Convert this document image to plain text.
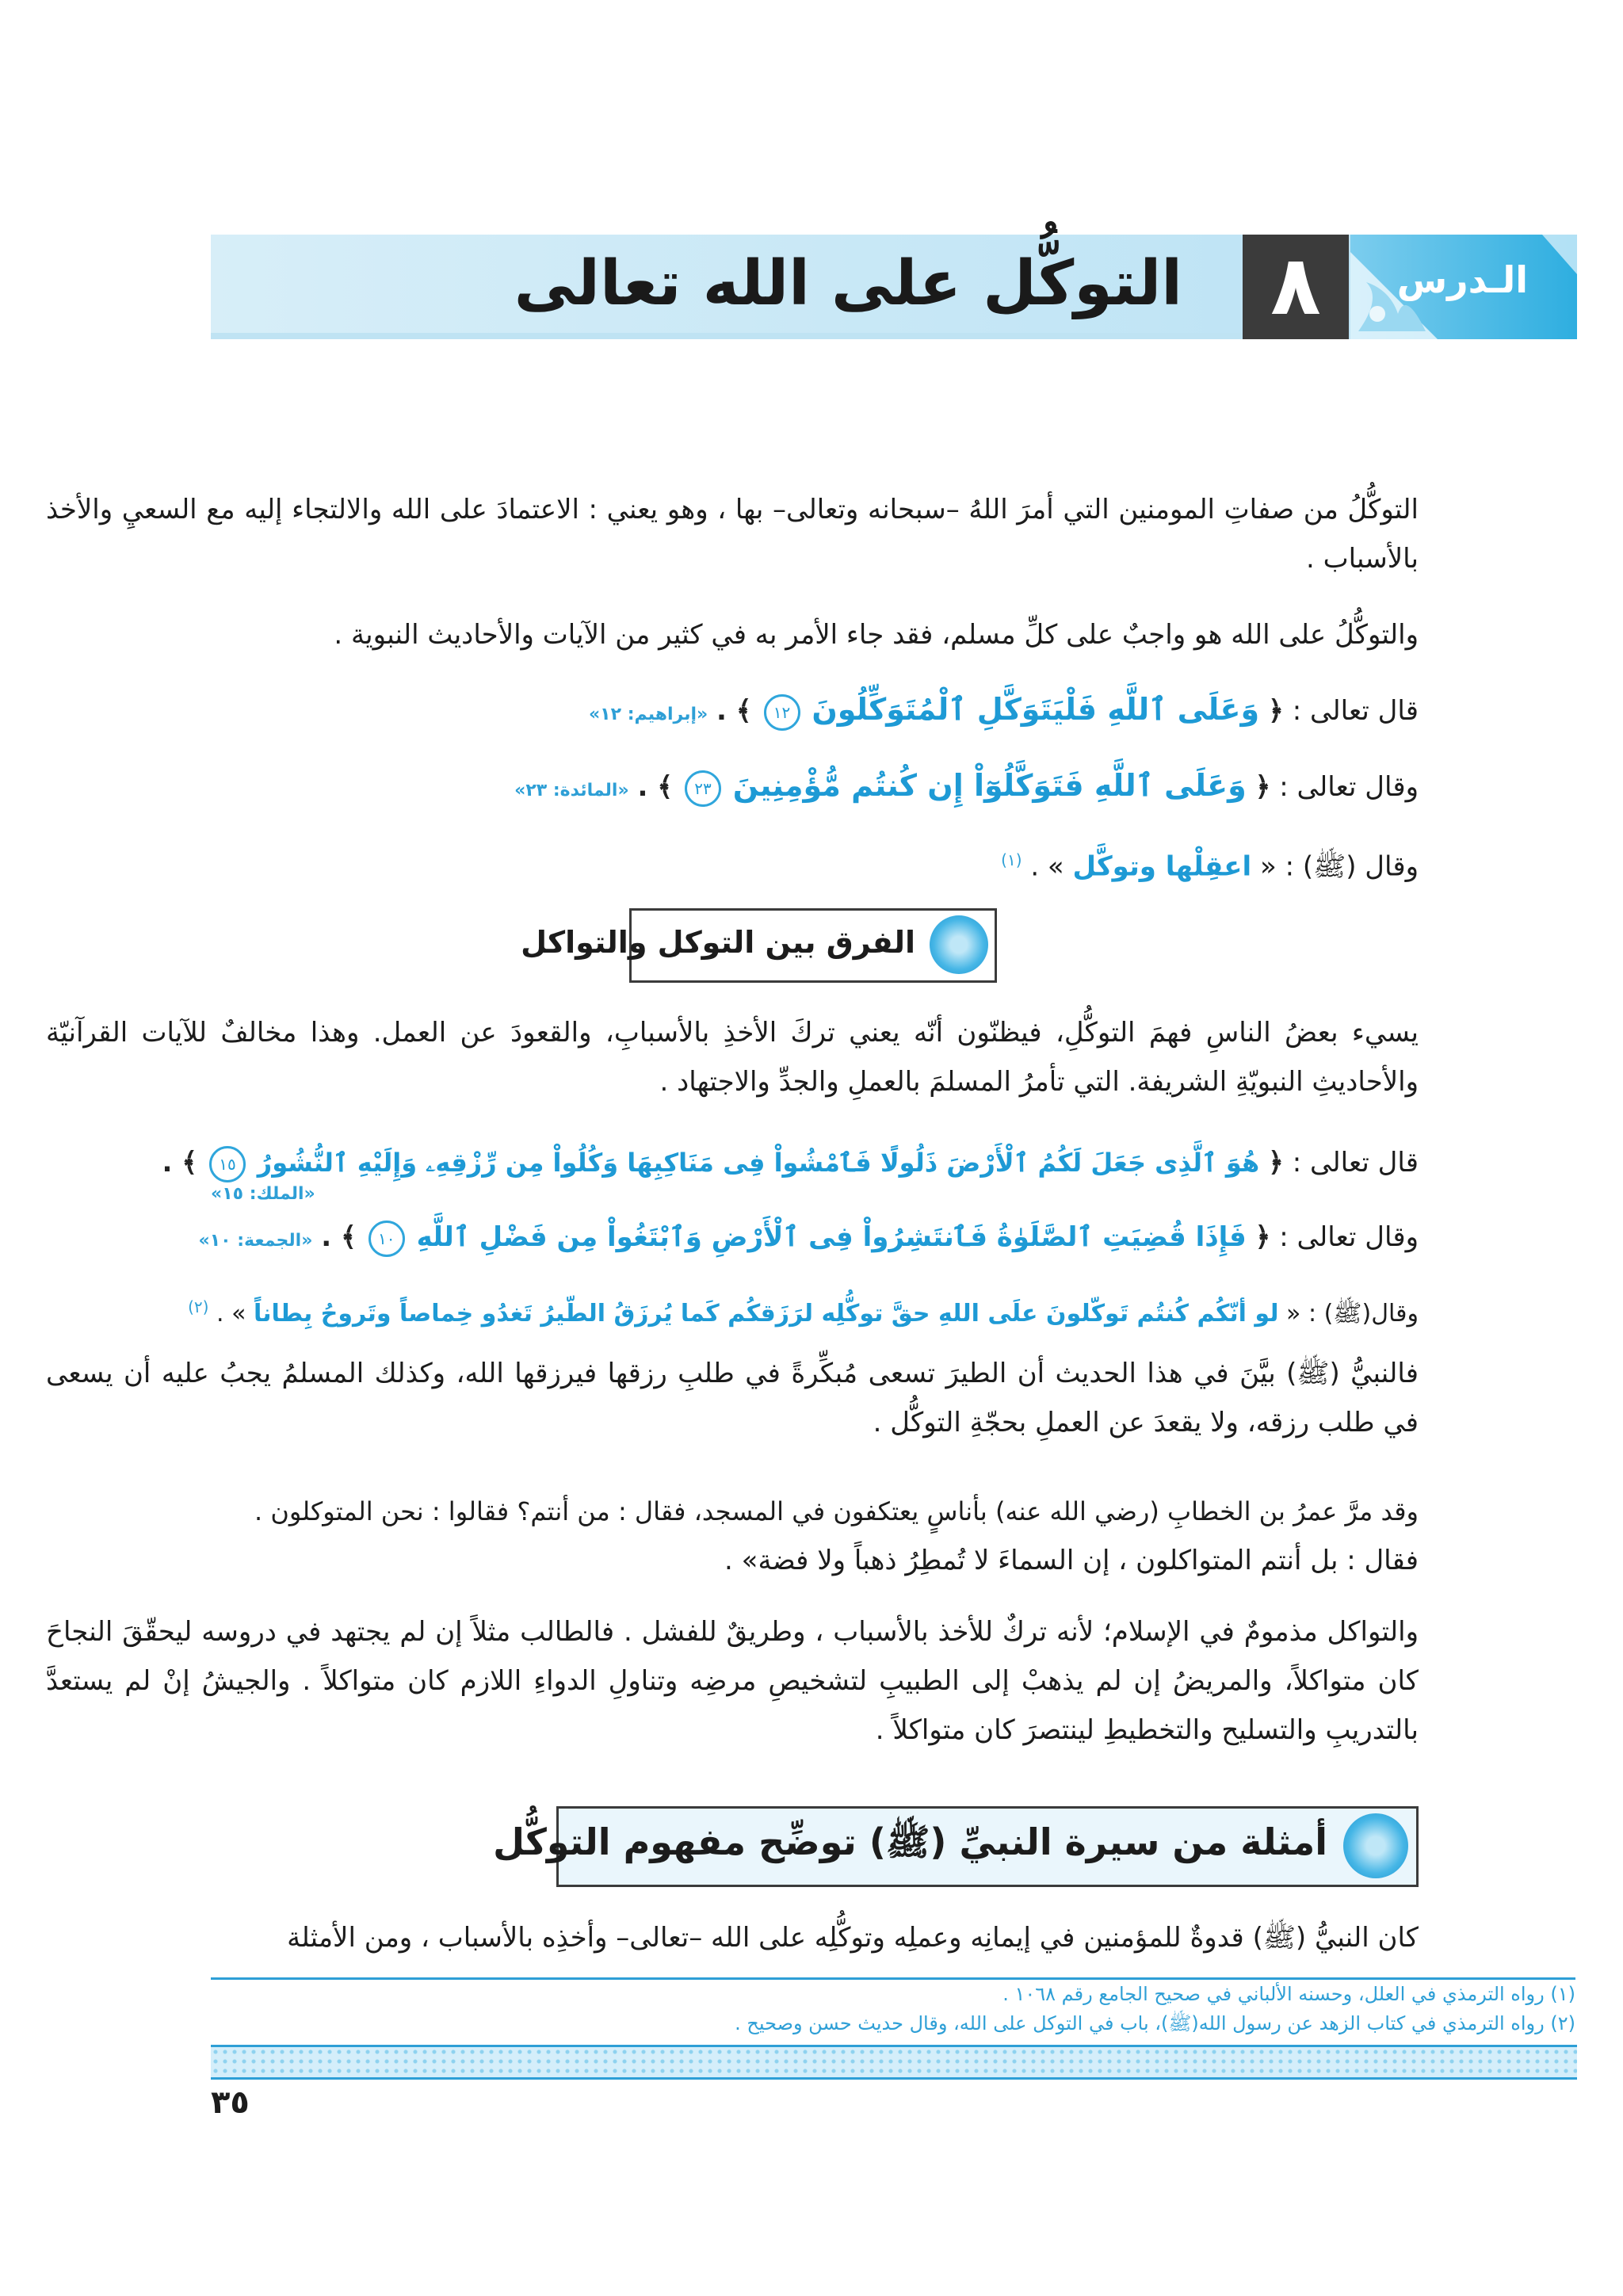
التوكُّل على الله تعالى	٨	الـدرس
التوكُّلُ من صفاتِ المومنين التي أمرَ اللهُ –سبحانه وتعالى– بها ، وهو يعني : الاعتمادَ على الله والالتجاء إليه مع السعيِ والأخذ بالأسباب .
والتوكُّلُ على الله هو واجبٌ على كلِّ مسلم، فقد جاء الأمر به في كثير من الآيات والأحاديث النبوية .
قال تعالى : ﴿ وَعَلَى ٱللَّهِ فَلْيَتَوَكَّلِ ٱلْمُتَوَكِّلُونَ ١٢ ﴾ . «إبراهيم: ١٢»
وقال تعالى : ﴿ وَعَلَى ٱللَّهِ فَتَوَكَّلُوٓاْ إِن كُنتُم مُّؤْمِنِينَ ٢٣ ﴾ . «المائدة: ٢٣»
وقال (ﷺ) : « اعقِلْها وتوكَّل » . $^{(١)}$
الفرق بين التوكل والتواكل
يسيء بعضُ الناسِ فهمَ التوكُّلِ، فيظنّون أنّه يعني تركَ الأخذِ بالأسبابِ، والقعودَ عن العمل. وهذا مخالفٌ للآيات القرآنيّة والأحاديثِ النبويّةِ الشريفة. التي تأمرُ المسلمَ بالعملِ والجدِّ والاجتهاد .
قال تعالى : ﴿ هُوَ ٱلَّذِى جَعَلَ لَكُمُ ٱلْأَرْضَ ذَلُولًا فَٱمْشُواْ فِى مَنَاكِبِهَا وَكُلُواْ مِن رِّزْقِهِۦ وَإِلَيْهِ ٱلنُّشُورُ ١٥ ﴾ .
«الملك: ١٥»
وقال تعالى : ﴿ فَإِذَا قُضِيَتِ ٱلصَّلَوٰةُ فَٱنتَشِرُواْ فِى ٱلْأَرْضِ وَٱبْتَغُواْ مِن فَضْلِ ٱللَّهِ ١٠ ﴾ . «الجمعة: ١٠»
وقال(ﷺ) : « لو أنّكُم كُنتُم تَوكّلونَ علَى اللهِ حقَّ توكُّلِه لرَزَقكُم كَما يُرزَقُ الطّيرُ تَغدُو خِماصاً وتَروحُ بِطاناً » . $^{(٢)}$
فالنبيُّ (ﷺ) بيَّنَ في هذا الحديث أن الطيرَ تسعى مُبكِّرةً في طلبِ رزقها فيرزقها الله، وكذلك المسلمُ يجبُ عليه أن يسعى في طلب رزقه، ولا يقعدَ عن العملِ بحجّةِ التوكُّل .
وقد مرَّ عمرُ بن الخطابِ (رضي الله عنه) بأناسٍ يعتكفون في المسجد، فقال : من أنتم؟ فقالوا : نحن المتوكلون .
فقال : بل أنتم المتواكلون ، إن السماءَ لا تُمطِرُ ذهباً ولا فضة» .
والتواكل مذمومٌ في الإسلام؛ لأنه تركٌ للأخذ بالأسباب ، وطريقٌ للفشل . فالطالب مثلاً إن لم يجتهد في دروسه ليحقّقَ النجاحَ كان متواكلاً، والمريضُ إن لم يذهبْ إلى الطبيبِ لتشخيصِ مرضِه وتناولِ الدواءِ اللازم كان متواكلاً . والجيشُ إنْ لم يستعدَّ بالتدريبِ والتسليح والتخطيطِ لينتصرَ كان متواكلاً .
أمثلة من سيرة النبيِّ (ﷺ) توضِّح مفهوم التوكُّل
كان النبيُّ (ﷺ) قدوةٌ للمؤمنين في إيمانِه وعملِه وتوكُّلِه على الله –تعالى– وأخذِه بالأسباب ، ومن الأمثلة
(١) رواه الترمذي في العلل، وحسنه الألباني في صحيح الجامع رقم ١٠٦٨ .
(٢) رواه الترمذي في كتاب الزهد عن رسول الله(ﷺ)، باب في التوكل على الله، وقال حديث حسن وصحيح .
٣٥
